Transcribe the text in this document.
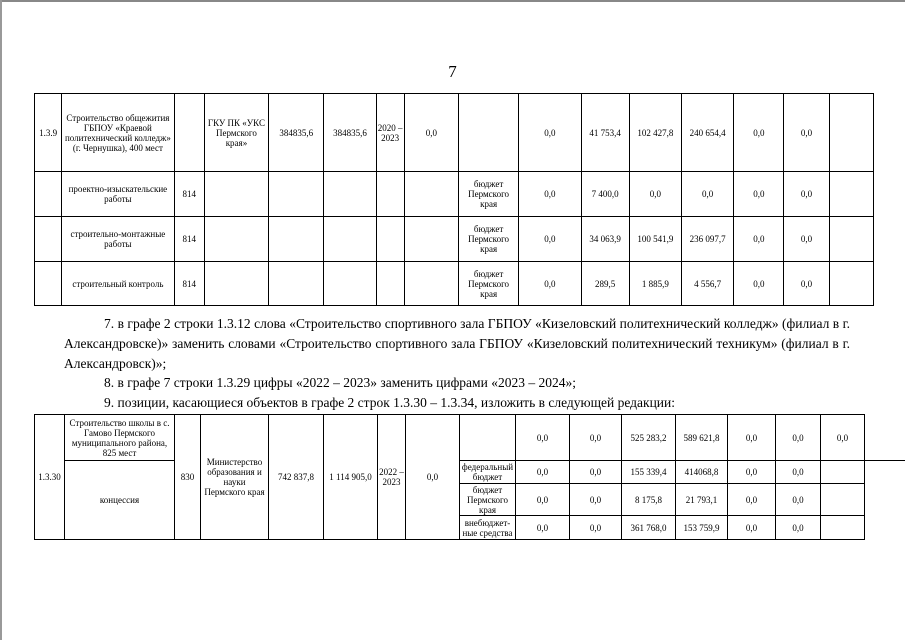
7
1.3.9	Строительство общежития ГБПОУ «Краевой политехнический колледж» (г. Чернушка), 400 мест		ГКУ ПК «УКС Пермского края»	384835,6	384835,6	2020 – 2023	0,0		0,0	41 753,4	102 427,8	240 654,4	0,0	0,0	
	проектно-изыскательские работы	814						бюджет Пермского края	0,0	7 400,0	0,0	0,0	0,0	0,0	
	строительно-монтажные работы	814						бюджет Пермского края	0,0	34 063,9	100 541,9	236 097,7	0,0	0,0	
	строительный контроль	814						бюджет Пермского края	0,0	289,5	1 885,9	4 556,7	0,0	0,0	
7. в графе 2 строки 1.3.12 слова «Строительство спортивного зала ГБПОУ «Кизеловский политехнический колледж» (филиал в г. Александровске)» заменить словами «Строительство спортивного зала ГБПОУ «Кизеловский политехнический техникум» (филиал в г. Александровск)»;
8. в графе 7 строки 1.3.29 цифры «2022 – 2023» заменить цифрами «2023 – 2024»;
9. позиции, касающиеся объектов в графе 2 строк 1.3.30 – 1.3.34, изложить в следующей редакции:
1.3.30	Строительство школы в с. Гамово Пермского муниципального района, 825 мест	830	Министерство образования и науки Пермского края	742 837,8	1 114 905,0	2022 – 2023	0,0		0,0	0,0	525 283,2	589 621,8	0,0	0,0	0,0	
	концессия							федеральный бюджет	0,0	0,0	155 339,4	414068,8	0,0	0,0		
								бюджет Пермского края	0,0	0,0	8 175,8	21 793,1	0,0	0,0		
								внебюджет-ные средства	0,0	0,0	361 768,0	153 759,9	0,0	0,0		
